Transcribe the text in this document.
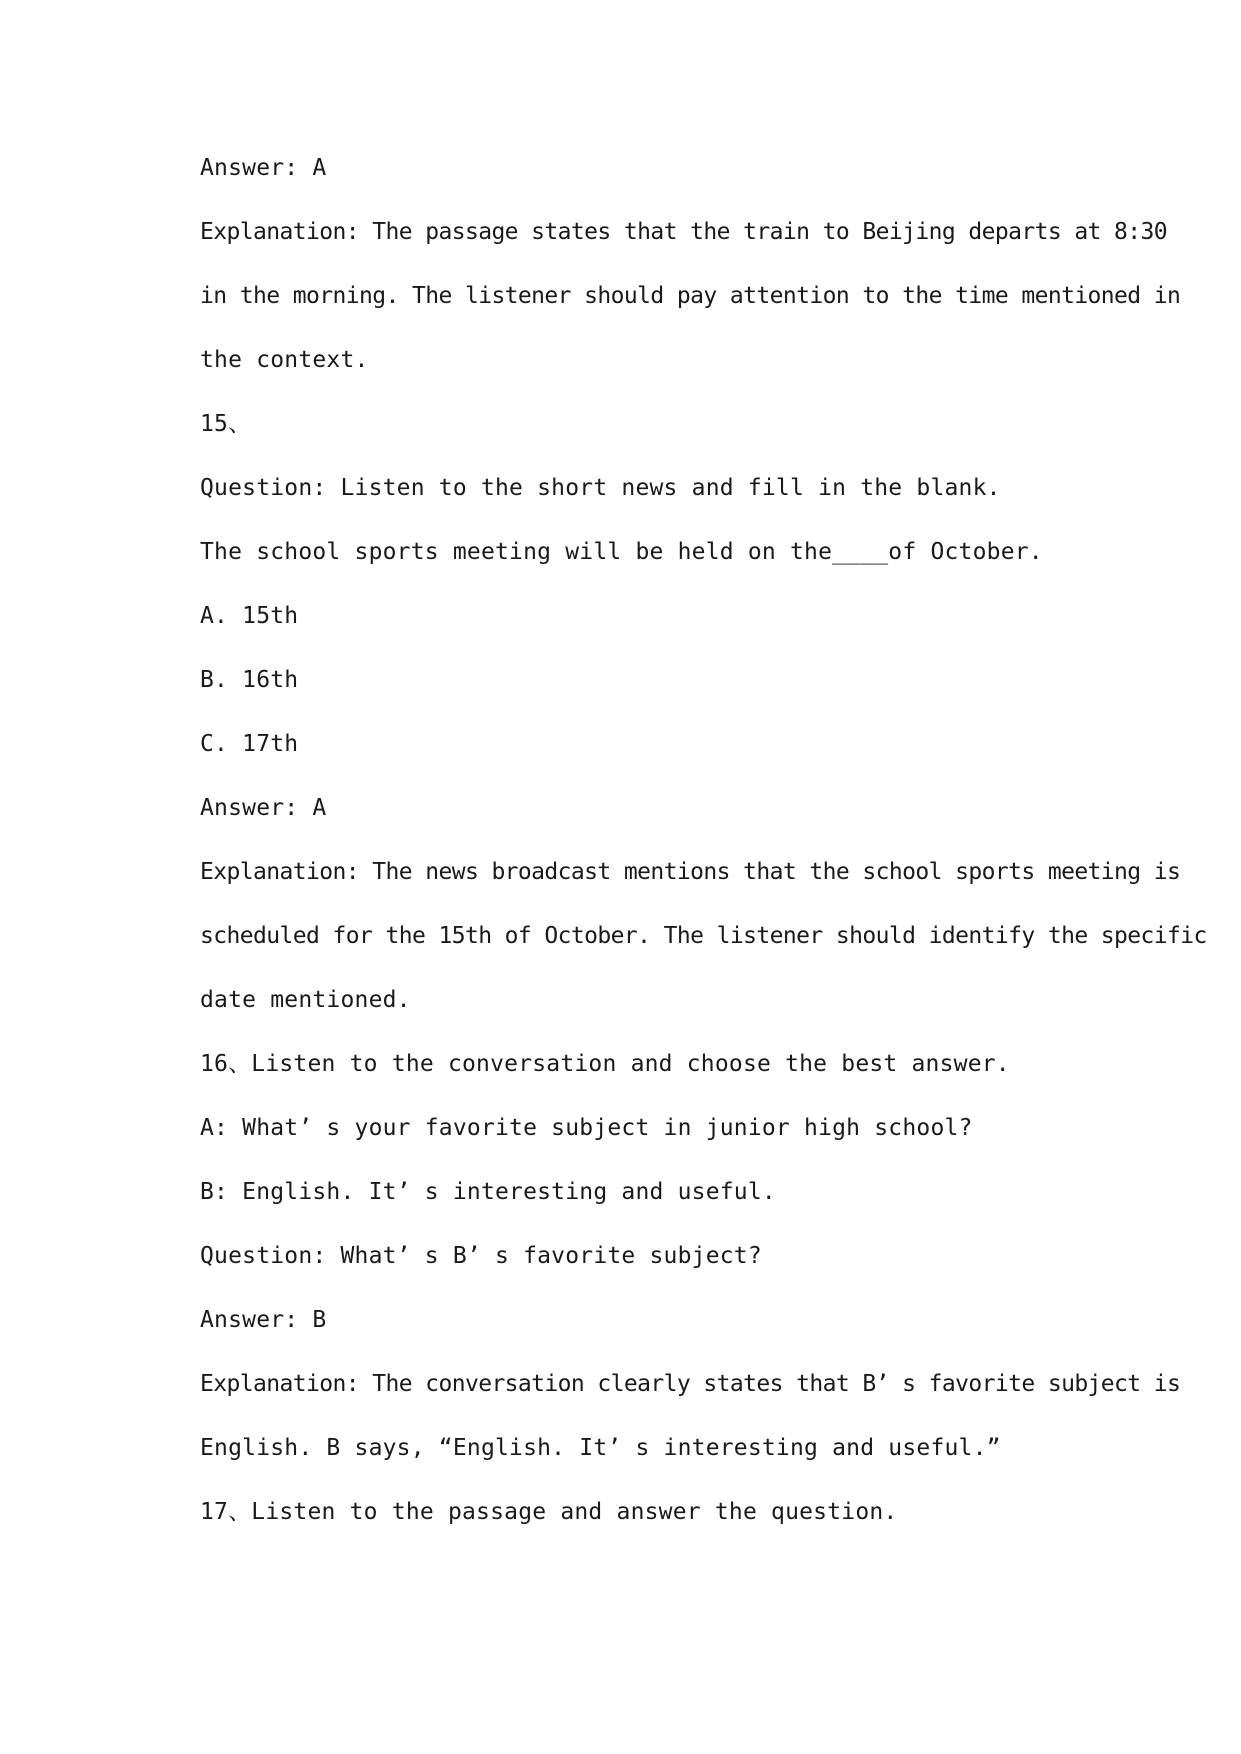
Answer: A
Explanation: The passage states that the train to Beijing departs at 8:30
in the morning. The listener should pay attention to the time mentioned in
the context.
15、
Question: Listen to the short news and fill in the blank.
The school sports meeting will be held on the____of October.
A. 15th
B. 16th
C. 17th
Answer: A
Explanation: The news broadcast mentions that the school sports meeting is
scheduled for the 15th of October. The listener should identify the specific
date mentioned.
16、Listen to the conversation and choose the best answer.
A: What’ s your favorite subject in junior high school?
B: English. It’ s interesting and useful.
Question: What’ s B’ s favorite subject?
Answer: B
Explanation: The conversation clearly states that B’ s favorite subject is
English. B says, “English. It’ s interesting and useful.”
17、Listen to the passage and answer the question.
